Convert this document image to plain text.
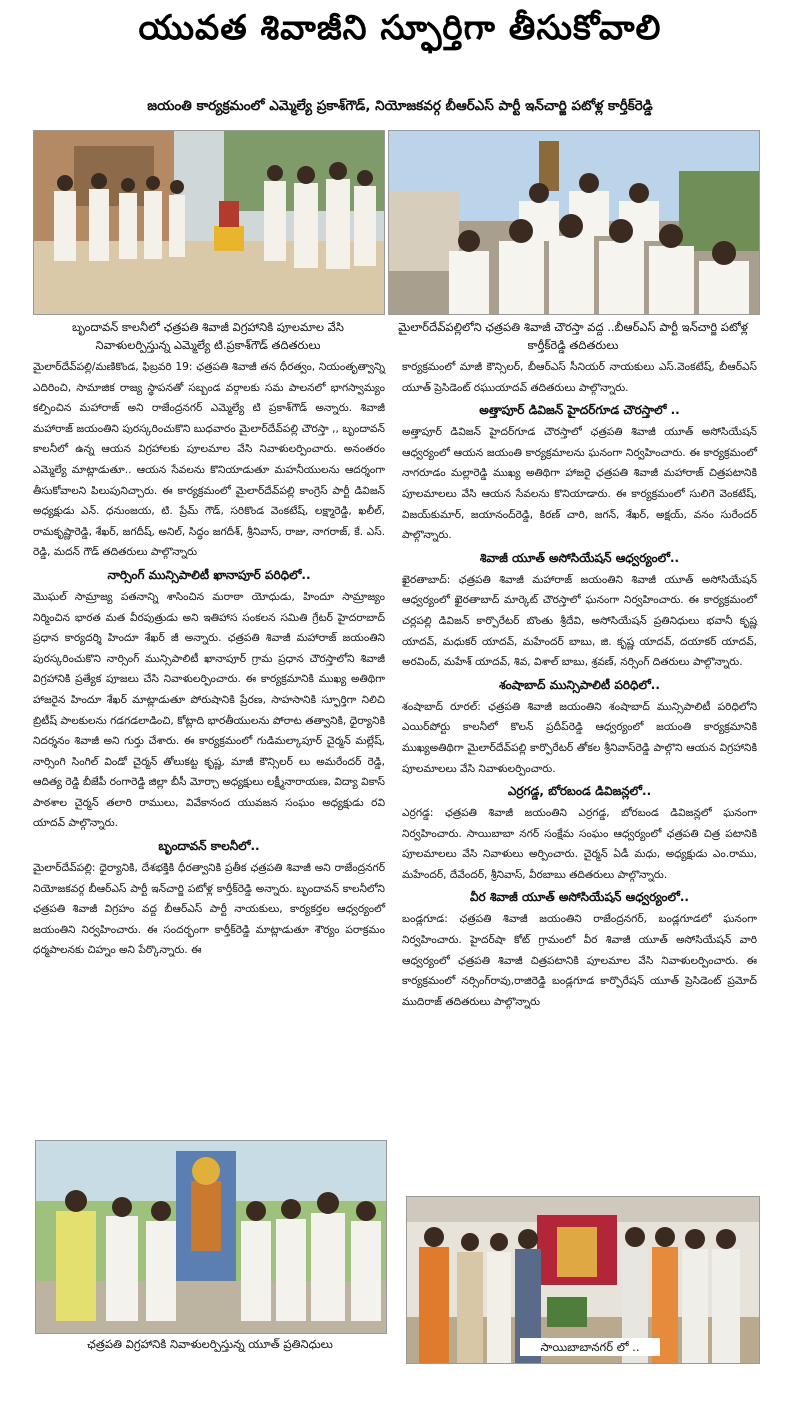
యువత శివాజీని స్ఫూర్తిగా తీసుకోవాలి
జయంతి కార్యక్రమంలో ఎమ్మెల్యే ప్రకాశ్‌గౌడ్, నియోజకవర్గ బీఆర్ఎస్ పార్టీ ఇన్‌చార్జి పటోళ్ల కార్తీక్‌రెడ్డి
బృందావన్ కాలనీలో ఛత్రపతి శివాజీ విగ్రహానికి పూలమాల వేసి నివాళులర్పిస్తున్న ఎమ్మెల్యే టి.ప్రకాశ్‌గౌడ్ తదితరులు
మైలార్‌దేవ్‌పల్లిలోని ఛత్రపతి శివాజీ చౌరస్తా వద్ద ..బీఆర్ఎస్ పార్టీ ఇన్‌చార్జి పటోళ్ల కార్తీక్‌రెడ్డి తదితరులు

మైలార్‌దేవ్‌పల్లి/మణికొండ, ఫిబ్రవరి 19: ఛత్రపతి శివాజీ తన ధీరత్వం, నియంతృత్వాన్ని ఎదిరించి, సామాజిక రాజ్య స్థాపనతో సబ్బండ వర్గాలకు సమ పాలనలో భాగస్వామ్యం కల్పించిన మహారాజ్ అని రాజేంద్రనగర్ ఎమ్మెల్యే టి ప్రకాశ్‌గౌడ్ అన్నారు. శివాజీ మహారాజ్ జయంతిని పురస్కరించుకొని బుధవారం మైలార్‌దేవ్‌పల్లి చౌరస్తా ,, బృందావన్ కాలనీలో ఉన్న ఆయన విగ్రహాలకు పూలమాల వేసి నివాళులర్పించారు. అనంతరం ఎమ్మెల్యే మాట్లాడుతూ.. ఆయన సేవలను కొనియాడుతూ మహనీయులను ఆదర్శంగా తీసుకోవాలని పిలుపునిచ్చారు. ఈ కార్యక్రమంలో మైలార్‌దేవ్‌పల్లి కాంగ్రెస్ పార్టీ డివిజన్ అధ్యక్షుడు ఎన్. ధనుంజయ, టి. ప్రేమ్ గౌడ్, సరికొండ వెంకటేష్, లక్ష్మారెడ్డి, ఖలీల్, రామకృష్ణారెడ్డి, శేఖర్, జగదీష్, అనిల్, సిద్ధం జగదీశ్, శ్రీనివాస్, రాజు, నాగరాజ్, కే. ఎస్. రెడ్డి, మదన్ గౌడ్ తదితరులు పాల్గొన్నారు

నార్సింగ్ మున్సిపాలిటీ ఖానాపూర్ పరిధిలో..

మొఘల్ సామ్రాజ్య పతనాన్ని శాసించిన మరాఠా యోధుడు, హిందూ సామ్రాజ్యం నిర్మించిన భారత మత వీరపుత్రుడు అని ఇతిహాస సంకలన సమితి గ్రేటర్ హైదరాబాద్ ప్రధాన కార్యదర్శి హిందూ శేఖర్ జీ అన్నారు. ఛత్రపతి శివాజీ మహారాజ్ జయంతిని పురస్కరించుకొని నార్సింగ్ మున్సిపాలిటీ ఖానాపూర్ గ్రామ ప్రధాన చౌరస్తాలోని శివాజీ విగ్రహానికి ప్రత్యేక పూజలు చేసి నివాళులర్పించారు. ఈ కార్యక్రమానికి ముఖ్య అతిథిగా హాజరైన హిందూ శేఖర్ మాట్లాడుతూ పోరుషానికి ప్రేరణ, సాహసానికి స్ఫూర్తిగా నిలిచి బ్రిటీష్ పాలకులను గడగడలాడించి, కోట్లాది భారతీయులను పోరాట తత్వానికి, ధైర్యానికి నిదర్శనం శివాజీ అని గుర్తు చేశారు. ఈ కార్యక్రమంలో గుడిమల్కాపూర్ చైర్మన్ మల్లేష్, నార్సింగి సింగిల్ విండో చైర్మన్ తోలుకట్ట కృష్ణ, మాజీ కౌన్సిలర్ లు అమరేందర్ రెడ్డి, ఆదిత్య రెడ్డి బీజేపీ రంగారెడ్డి జిల్లా బీసీ మోర్చా అధ్యక్షులు లక్ష్మీనారాయణ, విద్యా వికాస్ పాఠశాల చైర్మన్ తలారి రాములు, వివేకానంద యువజన సంఘం అధ్యక్షుడు రవి యాదవ్ పాల్గొన్నారు.

బృందావన్ కాలనీలో..

మైలార్‌దేవ్‌పల్లి: ధైర్యానికి, దేశభక్తికి ధీరత్వానికి ప్రతీక ఛత్రపతి శివాజీ అని రాజేంద్రనగర్ నియోజకవర్గ బీఆర్ఎస్ పార్టీ ఇన్‌చార్జి పటోళ్ల కార్తీక్‌రెడ్డి అన్నారు. బృందావన్ కాలనీలోని ఛత్రపతి శివాజీ విగ్రహం వద్ద బీఆర్ఎస్ పార్టీ నాయకులు, కార్యకర్తల ఆధ్వర్యంలో జయంతిని నిర్వహించారు. ఈ సందర్భంగా కార్తీక్‌రెడ్డి మాట్లాడుతూ శౌర్యం పరాక్రమం ధర్మపాలనకు చిహ్నం అని పేర్కొన్నారు. ఈ

కార్యక్రమంలో మాజీ కౌన్సిలర్, బీఆర్ఎస్ సీనియర్ నాయకులు ఎస్.వెంకటేష్, బీఆర్ఎస్ యూత్ ప్రెసిడెంట్ రఘుయాదవ్ తదితరులు పాల్గొన్నారు.

అత్తాపూర్ డివిజన్ హైదర్‌గూడ చౌరస్తాలో ..

అత్తాపూర్ డివిజన్ హైదర్‌గూడ చౌరస్తాలో ఛత్రపతి శివాజీ యూత్ అసోసియేషన్ ఆధ్వర్యంలో ఆయన జయంతి కార్యక్రమాలను ఘనంగా నిర్వహించారు. ఈ కార్యక్రమంలో నాగరూడం మల్లారెడ్డి ముఖ్య అతిథిగా హాజరై ఛత్రపతి శివాజీ మహారాజ్ చిత్రపటానికి పూలమాలలు వేసి ఆయన సేవలను కొనియాడారు. ఈ కార్యక్రమంలో సులిగె వెంకటేష్, విజయ్‌కుమార్, జయానంద్‌రెడ్డి, కిరణ్ చారి, జగన్, శేఖర్, అక్షయ్, వనం సురేందర్ పాల్గొన్నారు.

శివాజీ యూత్ అసోసియేషన్ ఆధ్వర్యంలో..

ఖైరతాబాద్: ఛత్రపతి శివాజీ మహారాజ్ జయంతిని శివాజీ యూత్ అసోసియేషన్ ఆధ్వర్యంలో ఖైరతాబాద్ మార్కెట్ చౌరస్తాలో ఘనంగా నిర్వహించారు. ఈ కార్యక్రమంలో చర్లపల్లి డివిజన్ కార్పొరేటర్ బొంతు శ్రీదేవి, అసోసియేషన్ ప్రతినిధులు భవానీ కృష్ణ యాదవ్, మధుకర్ యాదవ్, మహేందర్ బాబు, జి. కృష్ణ యాదవ్, దయాకర్ యాదవ్, అరవింద్, మహేశ్ యాదవ్, శివ, విశాల్ బాబు, శ్రవణ్, నర్సింగ్ దితరులు పాల్గొన్నారు.

శంషాబాద్ మున్సిపాలిటీ పరిధిలో..

శంషాబాద్ రూరల్: ఛత్రపతి శివాజీ జయంతిని శంషాబాద్ మున్సిపాలిటీ పరిధిలోని ఎయిర్‌పోర్టు కాలనీలో కొలన్ ప్రదీప్‌రెడ్డి ఆధ్వర్యంలో జయంతి కార్యక్రమానికి ముఖ్యఅతిథిగా మైలార్‌దేవ్‌పల్లి కార్పొరేటర్ తోకల శ్రీనివాస్‌రెడ్డి పాల్గొని ఆయన విగ్రహానికి పూలమాలలు వేసి నివాళులర్పించారు.

ఎర్రగడ్డ, బోరబండ డివిజన్లలో..

ఎర్రగడ్డ: ఛత్రపతి శివాజీ జయంతిని ఎర్రగడ్డ, బోరబండ డివిజన్లలో ఘనంగా నిర్వహించారు. సాయిబాబా నగర్ సంక్షేమ సంఘం ఆధ్వర్యంలో ఛత్రపతి చిత్ర పటానికి పూలమాలలు వేసి నివాళులు అర్పించారు. చైర్మన్ ఏడీ మధు, అధ్యక్షుడు ఎం.రాము, మహేందర్, దేవేందర్, శ్రీనివాస్, వీరబాబు తదితరులు పాల్గొన్నారు.

వీర శివాజీ యూత్ అసోసియేషన్ ఆధ్వర్యంలో..

బండ్లగూడ: ఛత్రపతి శివాజీ జయంతిని రాజేంద్రనగర్, బండ్లగూడలో ఘనంగా నిర్వహించారు. హైదర్‌షా కోట్ గ్రామంలో వీర శివాజీ యూత్ అసోసియేషన్ వారి ఆధ్వర్యంలో ఛత్రపతి శివాజీ చిత్రపటానికి పూలమాల వేసి నివాళులర్పించారు. ఈ కార్యక్రమంలో నర్సింగ్‌రావు,రాజిరెడ్డి బండ్లగూడ కార్పొరేషన్ యూత్ ప్రెసిడెంట్ ప్రమోద్ ముదిరాజ్ తదితరులు పాల్గొన్నారు

ఛత్రపతి విగ్రహానికి నివాళులర్పిస్తున్న యూత్ ప్రతినిధులు	సాయిబాబానగర్ లో ..
